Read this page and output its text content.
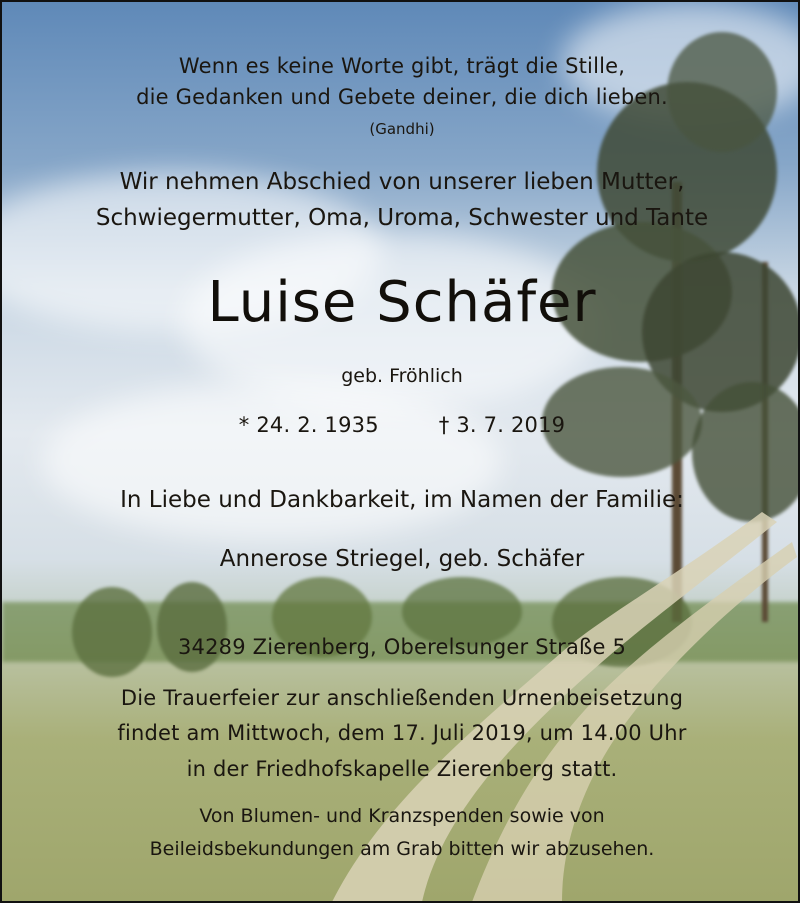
Wenn es keine Worte gibt, trägt die Stille,
die Gedanken und Gebete deiner, die dich lieben.
(Gandhi)
Wir nehmen Abschied von unserer lieben Mutter,
Schwiegermutter, Oma, Uroma, Schwester und Tante
Luise Schäfer
geb. Fröhlich
* 24. 2. 1935	† 3. 7. 2019
In Liebe und Dankbarkeit, im Namen der Familie:
Annerose Striegel, geb. Schäfer
34289 Zierenberg, Oberelsunger Straße 5
Die Trauerfeier zur anschließenden Urnenbeisetzung
findet am Mittwoch, dem 17. Juli 2019, um 14.00 Uhr
in der Friedhofskapelle Zierenberg statt.
Von Blumen- und Kranzspenden sowie von
Beileidsbekundungen am Grab bitten wir abzusehen.
